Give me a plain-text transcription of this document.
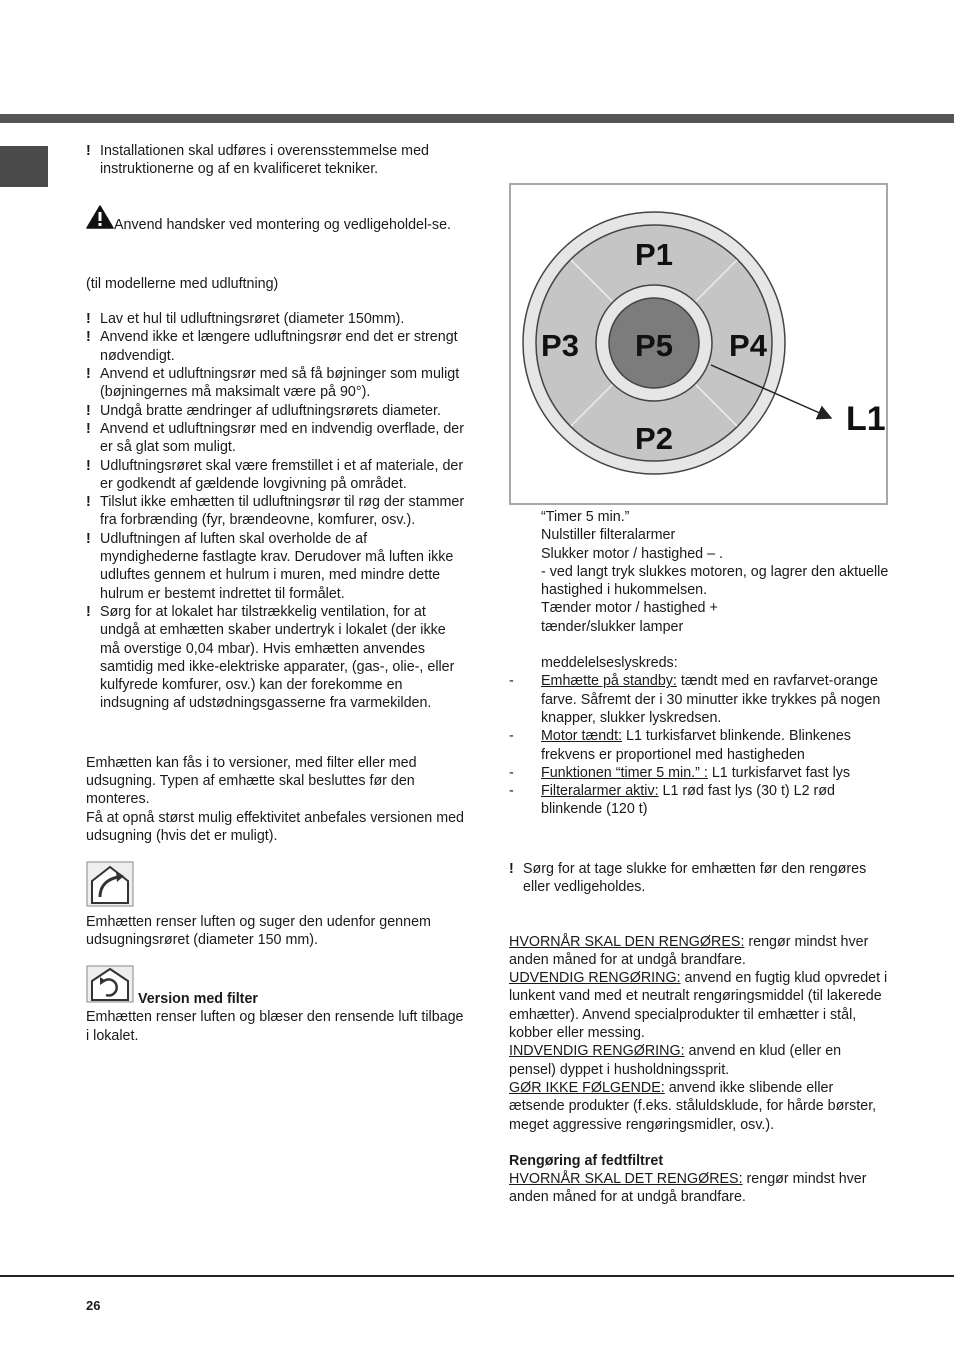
! Installationen skal udføres i overensstemmelse med instruktionerne og af en kvalificeret tekniker.

Anvend handsker ved montering og vedligeholdel-se.

(til modellerne med udluftning)

! Lav et hul til udluftningsrøret (diameter 150mm).

! Anvend ikke et længere udluftningsrør end det er strengt nødvendigt.

! Anvend et udluftningsrør med så få bøjninger som muligt (bøjningernes må maksimalt være på 90°).

! Undgå bratte ændringer af udluftningsrørets diameter.

! Anvend et udluftningsrør med en indvendig overflade, der er så glat som muligt.

! Udluftningsrøret skal være fremstillet i et af materiale, der er godkendt af gældende lovgivning på området.

! Tilslut ikke emhætten til udluftningsrør til røg der stammer fra forbrænding (fyr, brændeovne, komfurer, osv.).

! Udluftningen af luften skal overholde de af myndighederne fastlagte krav. Derudover må luften ikke udluftes gennem et hulrum i muren, med mindre dette hulrum er bestemt indrettet til formålet.

! Sørg for at lokalet har tilstrækkelig ventilation, for at undgå at emhætten skaber undertryk i lokalet (der ikke må overstige 0,04 mbar). Hvis emhætten anvendes samtidig med ikke-elektriske apparater, (gas-, olie-, eller kulfyrede komfurer, osv.) kan der forekomme en indsugning af udstødningsgasserne fra varmekilden.

Emhætten kan fås i to versioner, med filter eller med udsugning. Typen af emhætte skal besluttes før den monteres.

Få at opnå størst mulig effektivitet anbefales versionen med udsugning (hvis det er muligt).

Emhætten renser luften og suger den udenfor gennem udsugningsrøret (diameter 150 mm).

Version med filter

Emhætten renser luften og blæser den rensende luft tilbage i lokalet.

P1
P2
P3	P4
P5
L1

“Timer 5 min.”

Nulstiller filteralarmer

Slukker motor / hastighed – .

- ved langt tryk slukkes motoren, og lagrer den aktuelle hastighed i hukommelsen.

Tænder motor / hastighed +

tænder/slukker lamper

meddelelseslyskreds:

- Emhætte på standby: tændt med en ravfarvet-orange farve. Såfremt der i 30 minutter ikke trykkes på nogen knapper, slukker lyskredsen.

- Motor tændt: L1 turkisfarvet blinkende. Blinkenes frekvens er proportionel med hastigheden

- Funktionen “timer 5 min.” : L1 turkisfarvet fast lys

- Filteralarmer aktiv: L1 rød fast lys (30 t) L2 rød blinkende (120 t)

! Sørg for at tage slukke for emhætten før den rengøres eller vedligeholdes.

HVORNÅR SKAL DEN RENGØRES: rengør mindst hver anden måned for at undgå brandfare.

UDVENDIG RENGØRING: anvend en fugtig klud opvredet i lunkent vand med et neutralt rengøringsmiddel (til lakerede emhætter). Anvend specialprodukter til emhætter i stål, kobber eller messing.

INDVENDIG RENGØRING: anvend en klud (eller en pensel) dyppet i husholdningssprit.

GØR IKKE FØLGENDE: anvend ikke slibende eller ætsende produkter (f.eks. ståluldsklude, for hårde børster, meget aggressive rengøringsmidler, osv.).

Rengøring af fedtfiltret

HVORNÅR SKAL DET RENGØRES: rengør mindst hver anden måned for at undgå brandfare.

26
